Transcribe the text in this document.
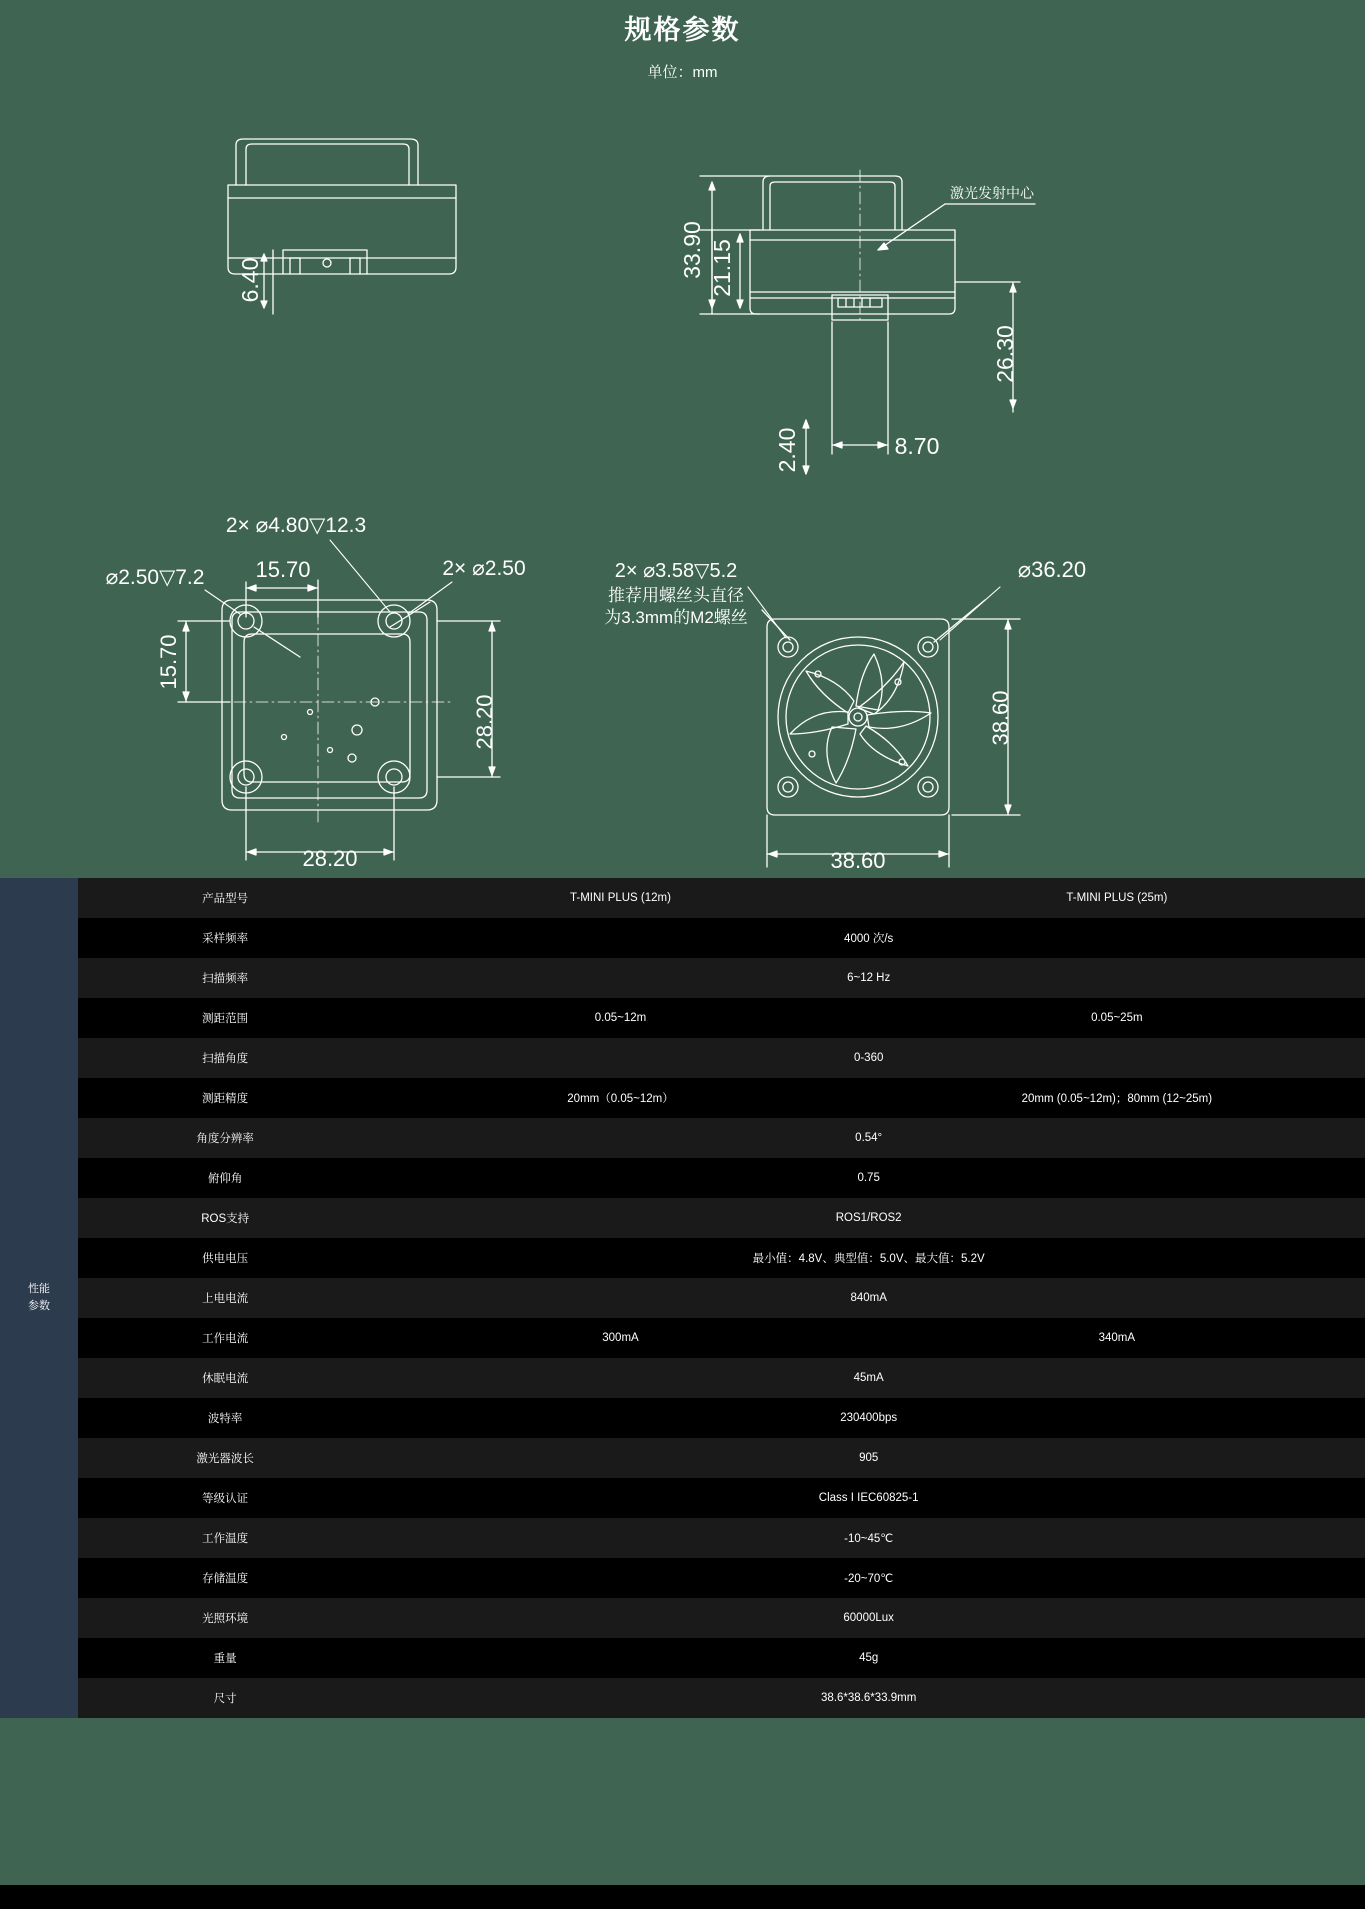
规格参数
单位：mm
6.40
激光发射中心
33.90 21.15
26.30
8.70
2.40
2× ⌀4.80▽12.3
2× ⌀2.50
⌀2.50▽7.2 15.70
15.70
28.20
28.20
2× ⌀3.58▽5.2
推荐用螺丝头直径
为3.3mm的M2螺丝
⌀36.20
38.60
38.60
性能
参数
产品型号	T-MINI PLUS (12m)	T-MINI PLUS (25m)
采样频率	4000 次/s	
扫描频率	6~12 Hz	
测距范围	0.05~12m	0.05~25m
扫描角度	0-360	
测距精度	20mm（0.05~12m）	20mm (0.05~12m)；80mm (12~25m)
角度分辨率	0.54°	
俯仰角	0.75	
ROS支持	ROS1/ROS2	
供电电压	最小值：4.8V、典型值：5.0V、最大值：5.2V	
上电电流	840mA	
工作电流	300mA	340mA
休眠电流	45mA	
波特率	230400bps	
激光器波长	905	
等级认证	Class I IEC60825-1	
工作温度	-10~45℃	
存储温度	-20~70℃	
光照环境	60000Lux	
重量	45g	
尺寸	38.6*38.6*33.9mm	
